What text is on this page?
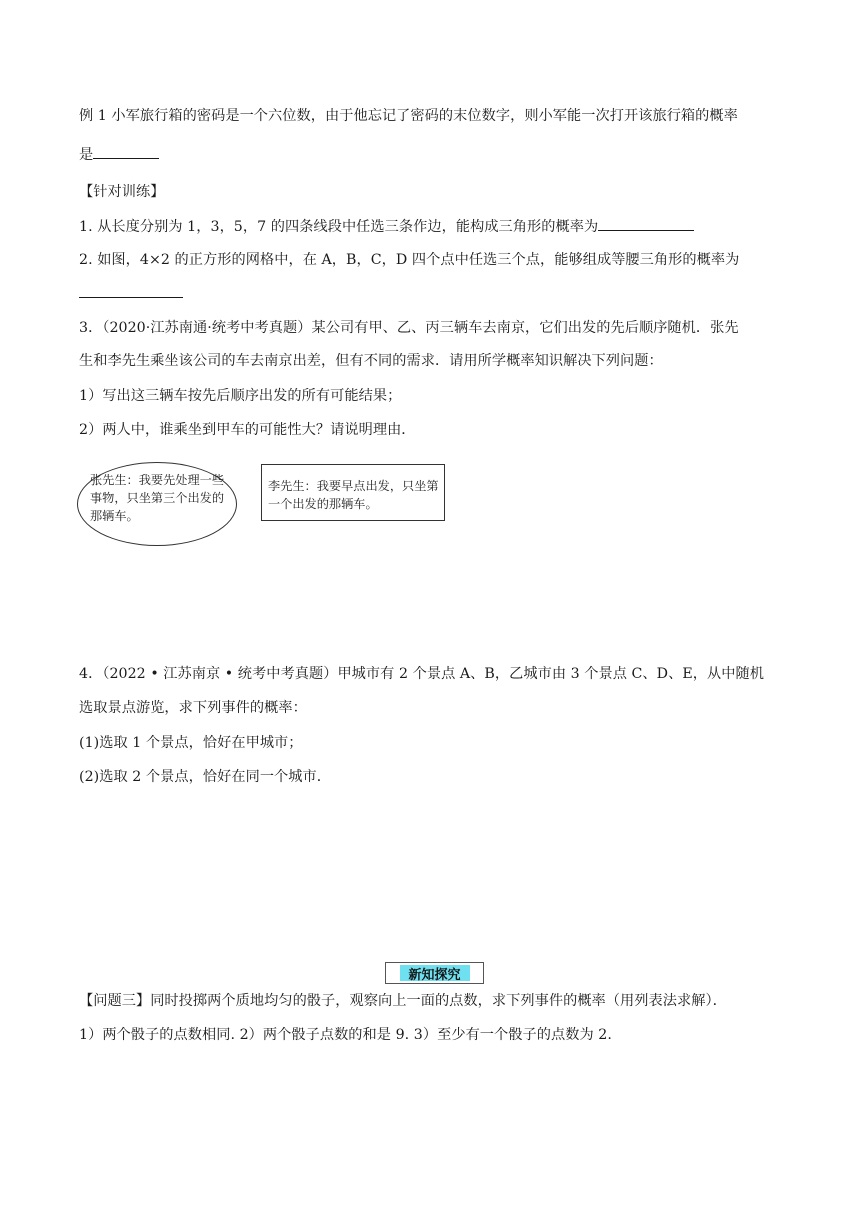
例 1 小军旅行箱的密码是一个六位数，由于他忘记了密码的末位数字，则小军能一次打开该旅行箱的概率
是
【针对训练】
1. 从长度分别为 1，3，5，7 的四条线段中任选三条作边，能构成三角形的概率为
2. 如图，4×2 的正方形的网格中，在 A，B，C，D 四个点中任选三个点，能够组成等腰三角形的概率为
3．（2020·江苏南通·统考中考真题）某公司有甲、乙、丙三辆车去南京，它们出发的先后顺序随机．张先
生和李先生乘坐该公司的车去南京出差，但有不同的需求．请用所学概率知识解决下列问题：
1）写出这三辆车按先后顺序出发的所有可能结果；
2）两人中，谁乘坐到甲车的可能性大？请说明理由．
张先生：我要先处理一些
事物，只坐第三个出发的
那辆车。
李先生：我要早点出发，只坐第
一个出发的那辆车。
4．（2022 • 江苏南京 • 统考中考真题）甲城市有 2 个景点 A、B，乙城市由 3 个景点 C、D、E，从中随机
选取景点游览，求下列事件的概率：
(1)选取 1 个景点，恰好在甲城市；
(2)选取 2 个景点，恰好在同一个城市．
新知探究
【问题三】同时投掷两个质地均匀的骰子，观察向上一面的点数，求下列事件的概率（用列表法求解）．
1）两个骰子的点数相同. 2）两个骰子点数的和是 9. 3）至少有一个骰子的点数为 2.
